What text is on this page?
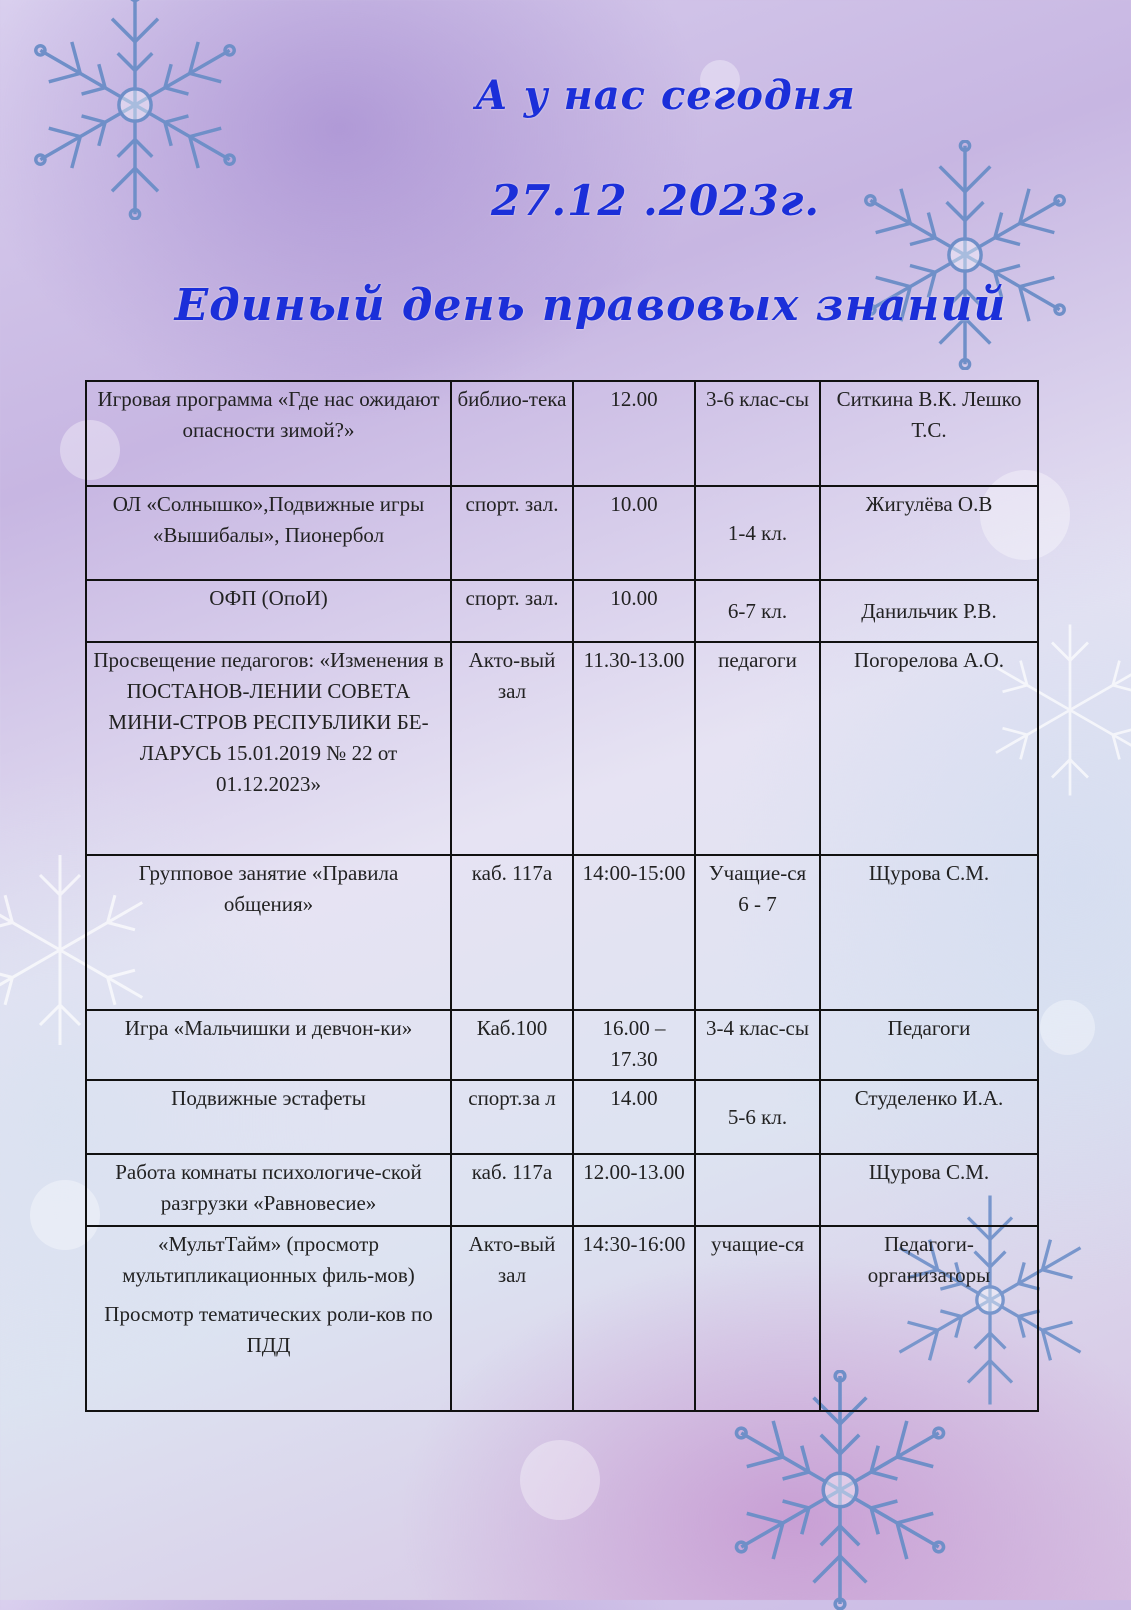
А у нас сегодня
27.12 .2023г.
Единый день правовых знаний
Игровая программа «Где нас ожидают опасности зимой?»	библио-тека	12.00	3-6 клас-сы	Ситкина В.К. Лешко Т.С.
ОЛ «Солнышко»,Подвижные игры «Вышибалы», Пионербол	спорт. зал.	10.00	1-4 кл.	Жигулёва О.В
ОФП (ОпоИ)	спорт. зал.	10.00	6-7 кл.	Данильчик Р.В.
Просвещение педагогов: «Изменения в ПОСТАНОВ-ЛЕНИИ СОВЕТА МИНИ-СТРОВ РЕСПУБЛИКИ БЕ-ЛАРУСЬ 15.01.2019 № 22 от 01.12.2023»	Акто-вый зал	11.30-13.00	педагоги	Погорелова А.О.
Групповое занятие «Правила общения»	каб. 117а	14:00-15:00	Учащие-ся 6 - 7	Щурова С.М.
Игра «Мальчишки и девчон-ки»	Каб.100	16.00 – 17.30	3-4 клас-сы	Педагоги
Подвижные эстафеты	спорт.за л	14.00	5-6 кл.	Студеленко И.А.
Работа комнаты психологиче-ской разгрузки «Равновесие»	каб. 117а	12.00-13.00		Щурова С.М.
«МультТайм» (просмотр мультипликационных филь-мов)
Просмотр тематических роли-ков по ПДД	Акто-вый зал	14:30-16:00	учащие-ся	Педагоги-организаторы
